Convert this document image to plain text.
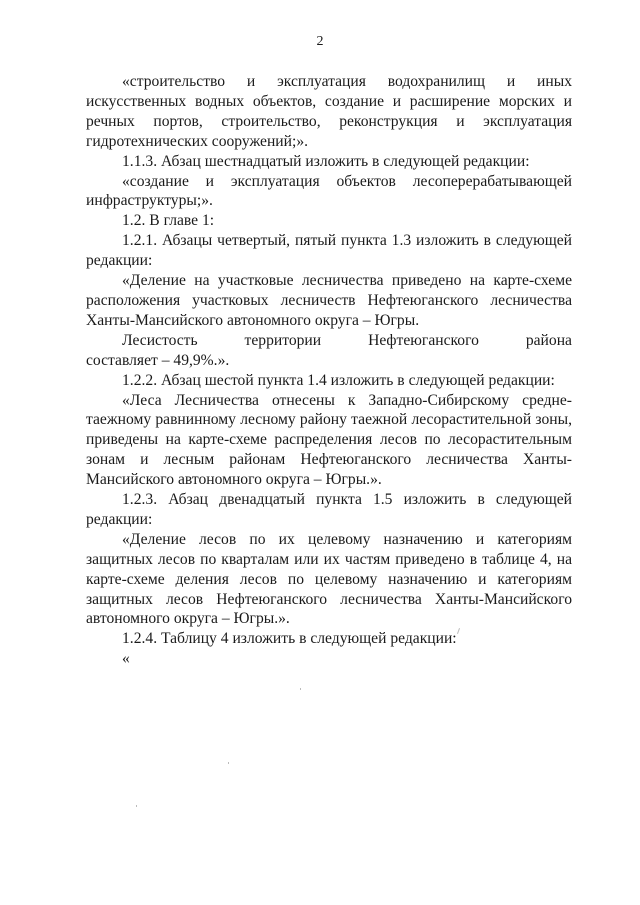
2

«строительство и эксплуатация водохранилищ и иных искусственных водных объектов, создание и расширение морских и речных портов, строительство, реконструкция и эксплуатация гидротехнических сооружений;».

1.1.3. Абзац шестнадцатый изложить в следующей редакции:

«создание и эксплуатация объектов лесоперерабатывающей инфраструктуры;».

1.2. В главе 1:

1.2.1. Абзацы четвертый, пятый пункта 1.3 изложить в следующей редакции:

«Деление на участковые лесничества приведено на карте-схеме расположения участковых лесничеств Нефтеюганского лесничества Ханты-Мансийского автономного округа – Югры.

Лесистость	территории	Нефтеюганского	района

составляет – 49,9%.».

1.2.2. Абзац шестой пункта 1.4 изложить в следующей редакции:

«Леса Лесничества отнесены к Западно-Сибирскому средне-таежному равнинному лесному району таежной лесорастительной зоны, приведены на карте-схеме распределения лесов по лесорастительным зонам и лесным районам Нефтеюганского лесничества Ханты-Мансийского автономного округа – Югры.».

1.2.3. Абзац двенадцатый пункта 1.5 изложить в следующей редакции:

«Деление лесов по их целевому назначению и категориям защитных лесов по кварталам или их частям приведено в таблице 4, на карте-схеме деления лесов по целевому назначению и категориям защитных лесов Нефтеюганского лесничества Ханты-Мансийского автономного округа – Югры.».

1.2.4. Таблицу 4 изложить в следующей редакции:

«
